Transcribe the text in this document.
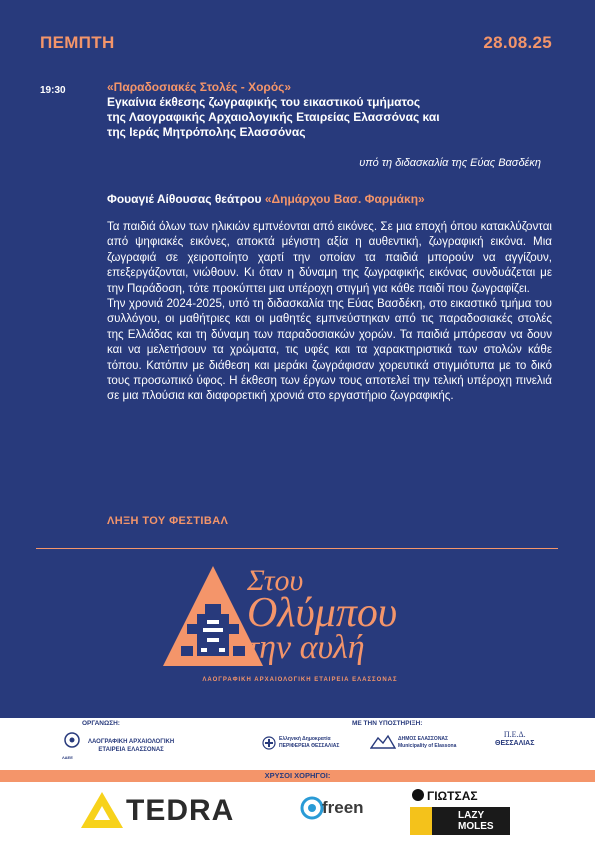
ΠΕΜΠΤΗ	28.08.25
19:30	«Παραδοσιακές Στολές - Χορός»
Εγκαίνια έκθεσης ζωγραφικής του εικαστικού τμήματος
της Λαογραφικής Αρχαιολογικής Εταιρείας Ελασσόνας και
της Ιεράς Μητρόπολης Ελασσόνας
υπό τη διδασκαλία της Εύας Βασδέκη
Φουαγιέ Αίθουσας θεάτρου «Δημάρχου Βασ. Φαρμάκη»

Τα παιδιά όλων των ηλικιών εμπνέονται από εικόνες. Σε μια εποχή όπου κατακλύζονται από ψηφιακές εικόνες, αποκτά μέγιστη αξία η αυθεντική, ζωγραφική εικόνα. Μια ζωγραφιά σε χειροποίητο χαρτί την οποίαν τα παιδιά μπορούν να αγγίζουν, επεξεργάζονται, νιώθουν. Κι όταν η δύναμη της ζωγραφικής εικόνας συνδυάζεται με την Παράδοση, τότε προκύπτει μια υπέροχη στιγμή για κάθε παιδί που ζωγραφίζει.

Την χρονιά 2024-2025, υπό τη διδασκαλία της Εύας Βασδέκη, στο εικαστικό τμήμα του συλλόγου, οι μαθήτριες και οι μαθητές εμπνεύστηκαν από τις παραδοσιακές στολές της Ελλάδας και τη δύναμη των παραδοσιακών χορών. Τα παιδιά μπόρεσαν να δουν και να μελετήσουν τα χρώματα, τις υφές και τα χαρακτηριστικά των στολών κάθε τόπου. Κατόπιν με διάθεση και μεράκι ζωγράφισαν χορευτικά στιγμιότυπα με το δικό τους προσωπικό ύφος. Η έκθεση των έργων τους αποτελεί την τελική υπέροχη πινελιά σε μια πλούσια και διαφορετική χρονιά στο εργαστήριο ζωγραφικής.

ΛΗΞΗ ΤΟΥ ΦΕΣΤΙΒΑΛ
Στου
Ολύμπου
την αυλή
ΛΑΟΓΡΑΦΙΚΗ ΑΡΧΑΙΟΛΟΓΙΚΗ ΕΤΑΙΡΕΙΑ ΕΛΑΣΣΟΝΑΣ
ΟΡΓΑΝΩΣΗ:
ΛΑΕΕ
ΛΑΟΓΡΑΦΙΚΗ ΑΡΧΑΙΟΛΟΓΙΚΗ
ΕΤΑΙΡΕΙΑ ΕΛΑΣΣΟΝΑΣ
ΜΕ ΤΗΝ ΥΠΟΣΤΗΡΙΞΗ:
Ελληνική Δημοκρατία
ΠΕΡΙΦΕΡΕΙΑ ΘΕΣΣΑΛΙΑΣ
ΔΗΜΟΣ ΕΛΑΣΣΟΝΑΣ
Municipality of Elassona
Π.Ε.Δ.
ΘΕΣΣΑΛΙΑΣ
ΧΡΥΣΟΙ ΧΟΡΗΓΟΙ:
TEDRA	freen
ΓΙΩΤΣΑΣ
LAZY
MOLES
